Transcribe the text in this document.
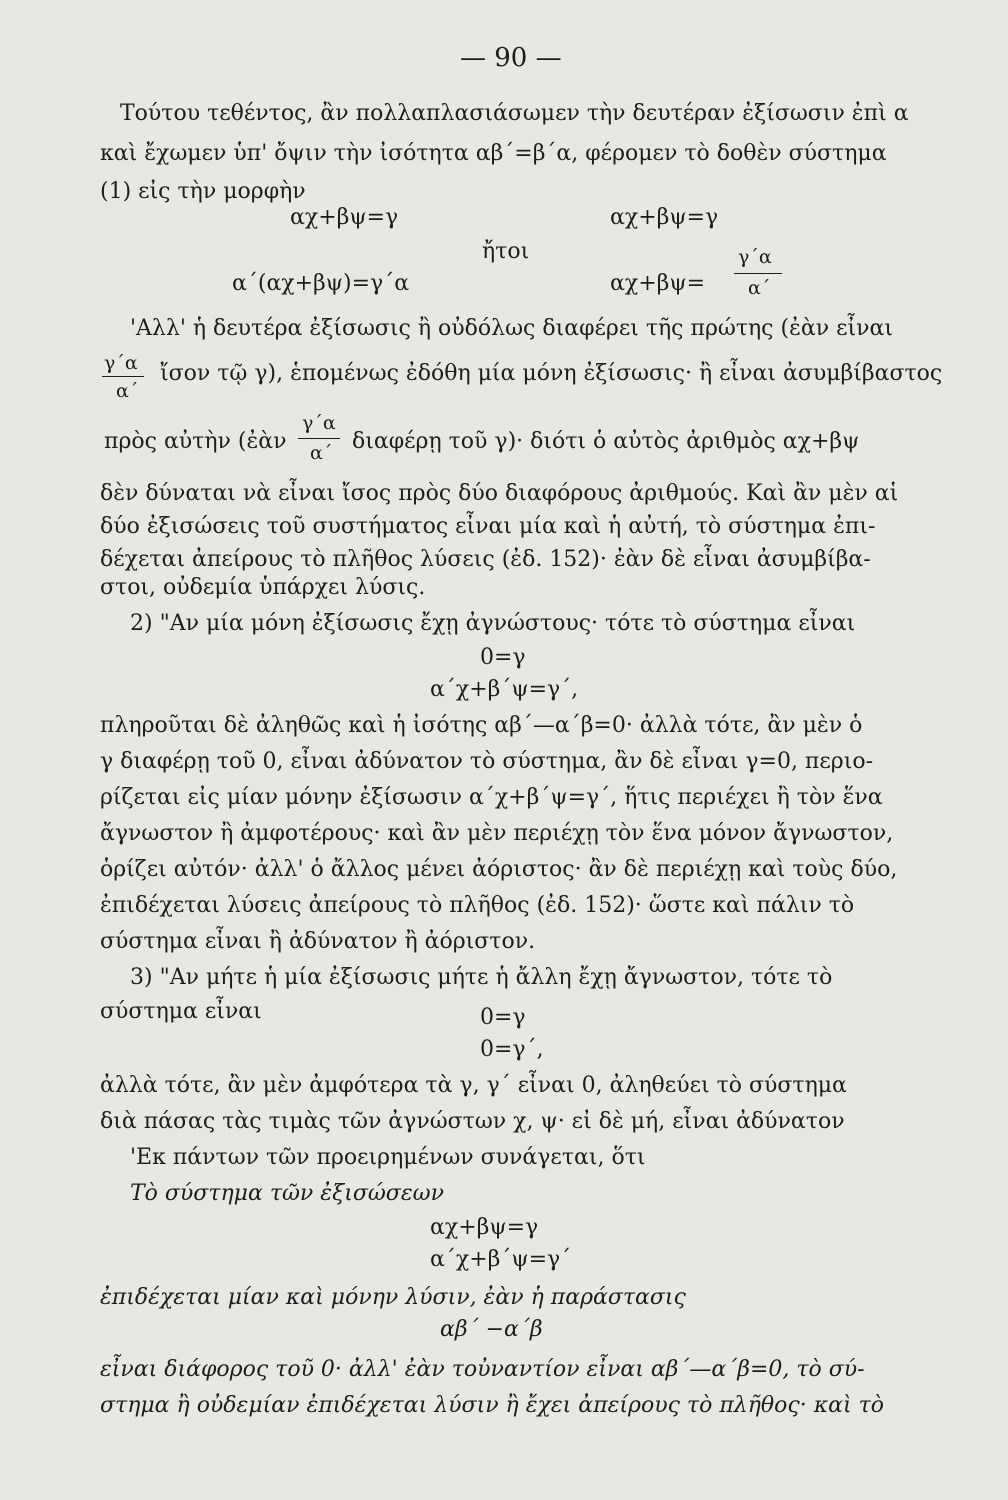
— 90 —
Τούτου τεθέντος, ἂν πολλαπλασιάσωμεν τὴν δευτέραν ἐξίσωσιν ἐπὶ α
καὶ ἔχωμεν ὑπ' ὄψιν τὴν ἰσότητα αβ΄=β΄α, φέρομεν τὸ δοθὲν σύστημα
(1) εἰς τὴν μορφὴν
αχ+βψ=γ	αχ+βψ=γ
ἤτοι
α΄(αχ+βψ)=γ΄α	αχ+βψ=
γ΄α
α΄
'Αλλ' ἡ δευτέρα ἐξίσωσις ἢ οὐδόλως διαφέρει τῆς πρώτης (ἐὰν εἶναι
γ΄α
α΄
ἴσον τῷ γ), ἑπομένως ἐδόθη μία μόνη ἐξίσωσις· ἢ εἶναι ἀσυμβίβαστος
πρὸς αὐτὴν (ἐὰν
γ΄α
α΄ διαφέρῃ τοῦ γ)· διότι ὁ αὐτὸς ἀριθμὸς αχ+βψ
δὲν δύναται νὰ εἶναι ἴσος πρὸς δύο διαφόρους ἀριθμούς. Καὶ ἂν μὲν αἱ
δύο ἐξισώσεις τοῦ συστήματος εἶναι μία καὶ ἡ αὐτή, τὸ σύστημα ἐπι-
δέχεται ἀπείρους τὸ πλῆθος λύσεις (ἐδ. 152)· ἐὰν δὲ εἶναι ἀσυμβίβα-
στοι, οὐδεμία ὑπάρχει λύσις.
2) "Αν μία μόνη ἐξίσωσις ἔχῃ ἀγνώστους· τότε τὸ σύστημα εἶναι
0=γ
α΄χ+β΄ψ=γ΄,
πληροῦται δὲ ἀληθῶς καὶ ἡ ἰσότης αβ΄—α΄β=0· ἀλλὰ τότε, ἂν μὲν ὁ
γ διαφέρῃ τοῦ 0, εἶναι ἀδύνατον τὸ σύστημα, ἂν δὲ εἶναι γ=0, περιο-
ρίζεται εἰς μίαν μόνην ἐξίσωσιν α΄χ+β΄ψ=γ΄, ἥτις περιέχει ἢ τὸν ἕνα
ἄγνωστον ἢ ἀμφοτέρους· καὶ ἂν μὲν περιέχῃ τὸν ἕνα μόνον ἄγνωστον,
ὁρίζει αὐτόν· ἀλλ' ὁ ἄλλος μένει ἀόριστος· ἂν δὲ περιέχῃ καὶ τοὺς δύο,
ἐπιδέχεται λύσεις ἀπείρους τὸ πλῆθος (ἐδ. 152)· ὥστε καὶ πάλιν τὸ
σύστημα εἶναι ἢ ἀδύνατον ἢ ἀόριστον.
3) "Αν μήτε ἡ μία ἐξίσωσις μήτε ἡ ἄλλη ἔχῃ ἄγνωστον, τότε τὸ
σύστημα εἶναι	0=γ
0=γ΄,
ἀλλὰ τότε, ἂν μὲν ἀμφότερα τὰ γ, γ΄ εἶναι 0, ἀληθεύει τὸ σύστημα
διὰ πάσας τὰς τιμὰς τῶν ἀγνώστων χ, ψ· εἰ δὲ μή, εἶναι ἀδύνατον
'Εκ πάντων τῶν προειρημένων συνάγεται, ὅτι
Τὸ σύστημα τῶν ἐξισώσεων
αχ+βψ=γ
α΄χ+β΄ψ=γ΄
ἐπιδέχεται μίαν καὶ μόνην λύσιν, ἐὰν ἡ παράστασις
αβ΄ −α΄β
εἶναι διάφορος τοῦ 0· ἀλλ' ἐὰν τοὐναντίον εἶναι αβ΄—α΄β=0, τὸ σύ-
στημα ἢ οὐδεμίαν ἐπιδέχεται λύσιν ἢ ἔχει ἀπείρους τὸ πλῆθος· καὶ τὸ
